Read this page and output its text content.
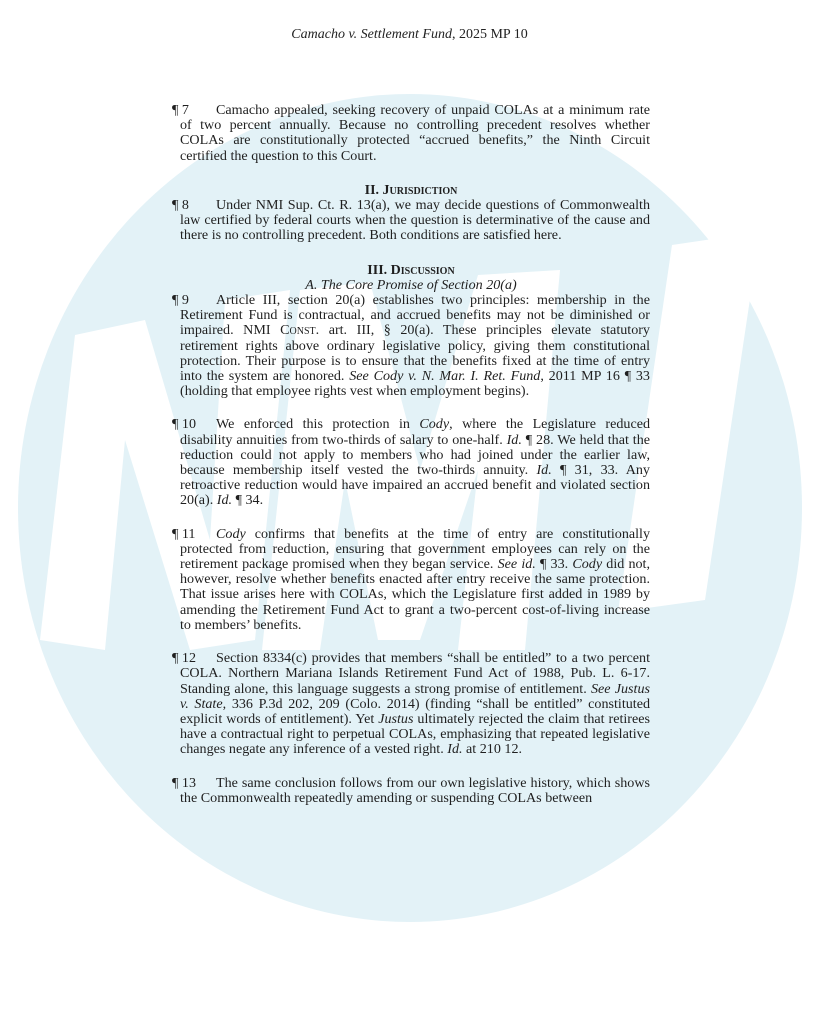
Camacho v. Settlement Fund, 2025 MP 10

¶ 7 Camacho appealed, seeking recovery of unpaid COLAs at a minimum rate of two percent annually. Because no controlling precedent resolves whether COLAs are constitutionally protected “accrued benefits,” the Ninth Circuit certified the question to this Court.

II. Jurisdiction

¶ 8 Under NMI Sup. Ct. R. 13(a), we may decide questions of Commonwealth law certified by federal courts when the question is determinative of the cause and there is no controlling precedent. Both conditions are satisfied here.

III. Discussion

A. The Core Promise of Section 20(a)

¶ 9 Article III, section 20(a) establishes two principles: membership in the Retirement Fund is contractual, and accrued benefits may not be diminished or impaired. NMI Const. art. III, § 20(a). These principles elevate statutory retirement rights above ordinary legislative policy, giving them constitutional protection. Their purpose is to ensure that the benefits fixed at the time of entry into the system are honored. See Cody v. N. Mar. I. Ret. Fund, 2011 MP 16 ¶ 33 (holding that employee rights vest when employment begins).

¶ 10 We enforced this protection in Cody, where the Legislature reduced disability annuities from two-thirds of salary to one-half. Id. ¶ 28. We held that the reduction could not apply to members who had joined under the earlier law, because membership itself vested the two-thirds annuity. Id. ¶ 31, 33. Any retroactive reduction would have impaired an accrued benefit and violated section 20(a). Id. ¶ 34.

¶ 11 Cody confirms that benefits at the time of entry are constitutionally protected from reduction, ensuring that government employees can rely on the retirement package promised when they began service. See id. ¶ 33. Cody did not, however, resolve whether benefits enacted after entry receive the same protection. That issue arises here with COLAs, which the Legislature first added in 1989 by amending the Retirement Fund Act to grant a two-percent cost-of-living increase to members’ benefits.

¶ 12 Section 8334(c) provides that members “shall be entitled” to a two percent COLA. Northern Mariana Islands Retirement Fund Act of 1988, Pub. L. 6-17. Standing alone, this language suggests a strong promise of entitlement. See Justus v. State, 336 P.3d 202, 209 (Colo. 2014) (finding “shall be entitled” constituted explicit words of entitlement). Yet Justus ultimately rejected the claim that retirees have a contractual right to perpetual COLAs, emphasizing that repeated legislative changes negate any inference of a vested right. Id. at 210 12.

¶ 13 The same conclusion follows from our own legislative history, which shows the Commonwealth repeatedly amending or suspending COLAs between
